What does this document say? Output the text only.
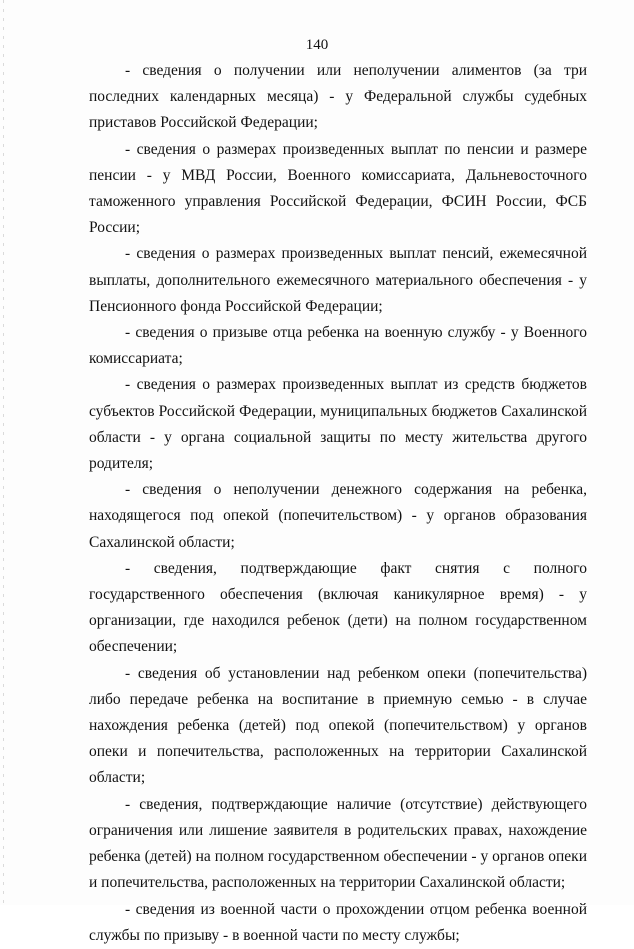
140

- сведения о получении или неполучении алиментов (за три последних календарных месяца) - у Федеральной службы судебных приставов Российской Федерации;

- сведения о размерах произведенных выплат по пенсии и размере пенсии - у МВД России, Военного комиссариата, Дальневосточного таможенного управления Российской Федерации, ФСИН России, ФСБ России;

- сведения о размерах произведенных выплат пенсий, ежемесячной выплаты, дополнительного ежемесячного материального обеспечения - у Пенсионного фонда Российской Федерации;

- сведения о призыве отца ребенка на военную службу - у Военного комиссариата;

- сведения о размерах произведенных выплат из средств бюджетов субъектов Российской Федерации, муниципальных бюджетов Сахалинской области - у органа социальной защиты по месту жительства другого родителя;

- сведения о неполучении денежного содержания на ребенка, находящегося под опекой (попечительством) - у органов образования Сахалинской области;

- сведения, подтверждающие факт снятия с полного государственного обеспечения (включая каникулярное время) - у организации, где находился ребенок (дети) на полном государственном обеспечении;

- сведения об установлении над ребенком опеки (попечительства) либо передаче ребенка на воспитание в приемную семью - в случае нахождения ребенка (детей) под опекой (попечительством) у органов опеки и попечительства, расположенных на территории Сахалинской области;

- сведения, подтверждающие наличие (отсутствие) действующего ограничения или лишение заявителя в родительских правах, нахождение ребенка (детей) на полном государственном обеспечении - у органов опеки и попечительства, расположенных на территории Сахалинской области;

- сведения из военной части о прохождении отцом ребенка военной службы по призыву - в военной части по месту службы;
